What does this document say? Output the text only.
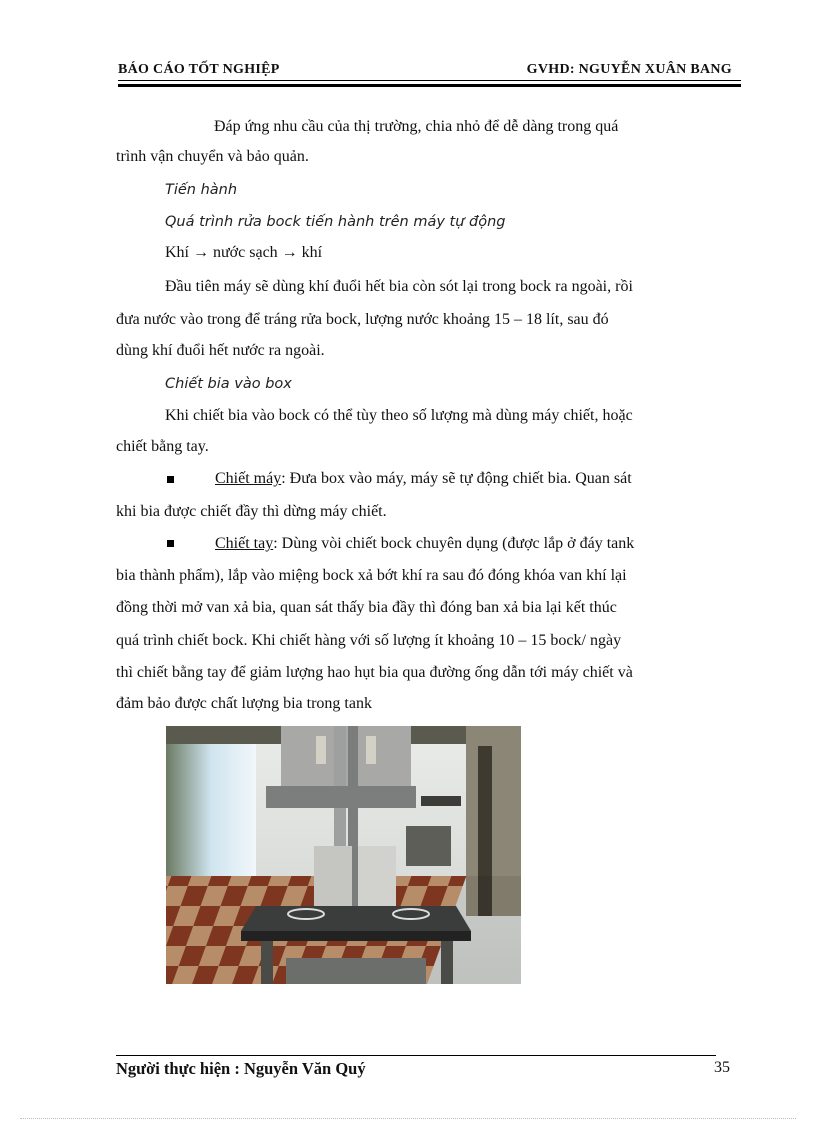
BÁO CÁO TỐT NGHIỆP	GVHD: NGUYỄN XUÂN BANG
Đáp ứng nhu cầu của thị trường, chia nhỏ để dễ dàng trong quá
trình vận chuyển và bảo quản.
Tiến hành
Quá trình rửa bock tiến hành trên máy tự động
Khí → nước sạch → khí
Đầu tiên máy sẽ dùng khí đuổi hết bia còn sót lại trong bock ra ngoài, rồi
đưa nước vào trong để tráng rửa bock, lượng nước khoảng 15 – 18 lít, sau đó
dùng khí đuổi hết nước ra ngoài.
Chiết bia vào box
Khi chiết bia vào bock có thể tùy theo số lượng mà dùng máy chiết, hoặc
chiết bằng tay.
Chiết máy: Đưa box vào máy, máy sẽ tự động chiết bia. Quan sát
khi bia được chiết đầy thì dừng máy chiết.
Chiết tay: Dùng vòi chiết bock chuyên dụng (được lắp ở đáy tank
bia thành phẩm), lắp vào miệng bock xả bớt khí ra sau đó đóng khóa van khí lại
đồng thời mở van xả bia, quan sát thấy bia đầy thì đóng ban xả bia lại kết thúc
quá trình chiết bock. Khi chiết hàng với số lượng ít khoảng 10 – 15 bock/ ngày
thì chiết bằng tay để giảm lượng hao hụt bia qua đường ống dẫn tới máy chiết và
đảm bảo được chất lượng bia trong tank
Người thực hiện : Nguyễn Văn Quý	35
